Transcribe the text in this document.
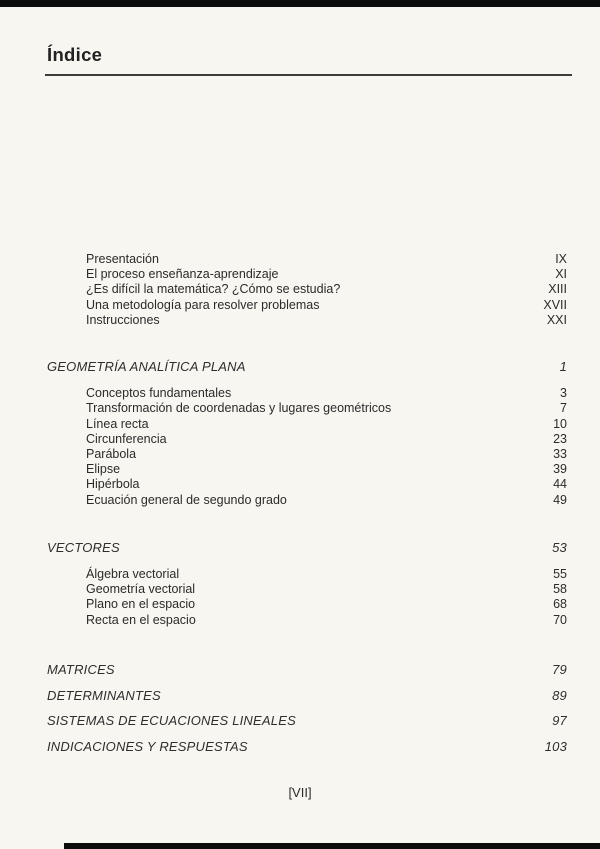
Índice
Presentación	IX
El proceso enseñanza-aprendizaje	XI
¿Es difícil la matemática? ¿Cómo se estudia?	XIII
Una metodología para resolver problemas	XVII
Instrucciones	XXI
GEOMETRÍA ANALÍTICA PLANA	1
Conceptos fundamentales	3
Transformación de coordenadas y lugares geométricos	7
Línea recta	10
Circunferencia	23
Parábola	33
Elipse	39
Hipérbola	44
Ecuación general de segundo grado	49
VECTORES	53
Álgebra vectorial	55
Geometría vectorial	58
Plano en el espacio	68
Recta en el espacio	70
MATRICES	79
DETERMINANTES	89
SISTEMAS DE ECUACIONES LINEALES	97
INDICACIONES Y RESPUESTAS	103
[VII]
